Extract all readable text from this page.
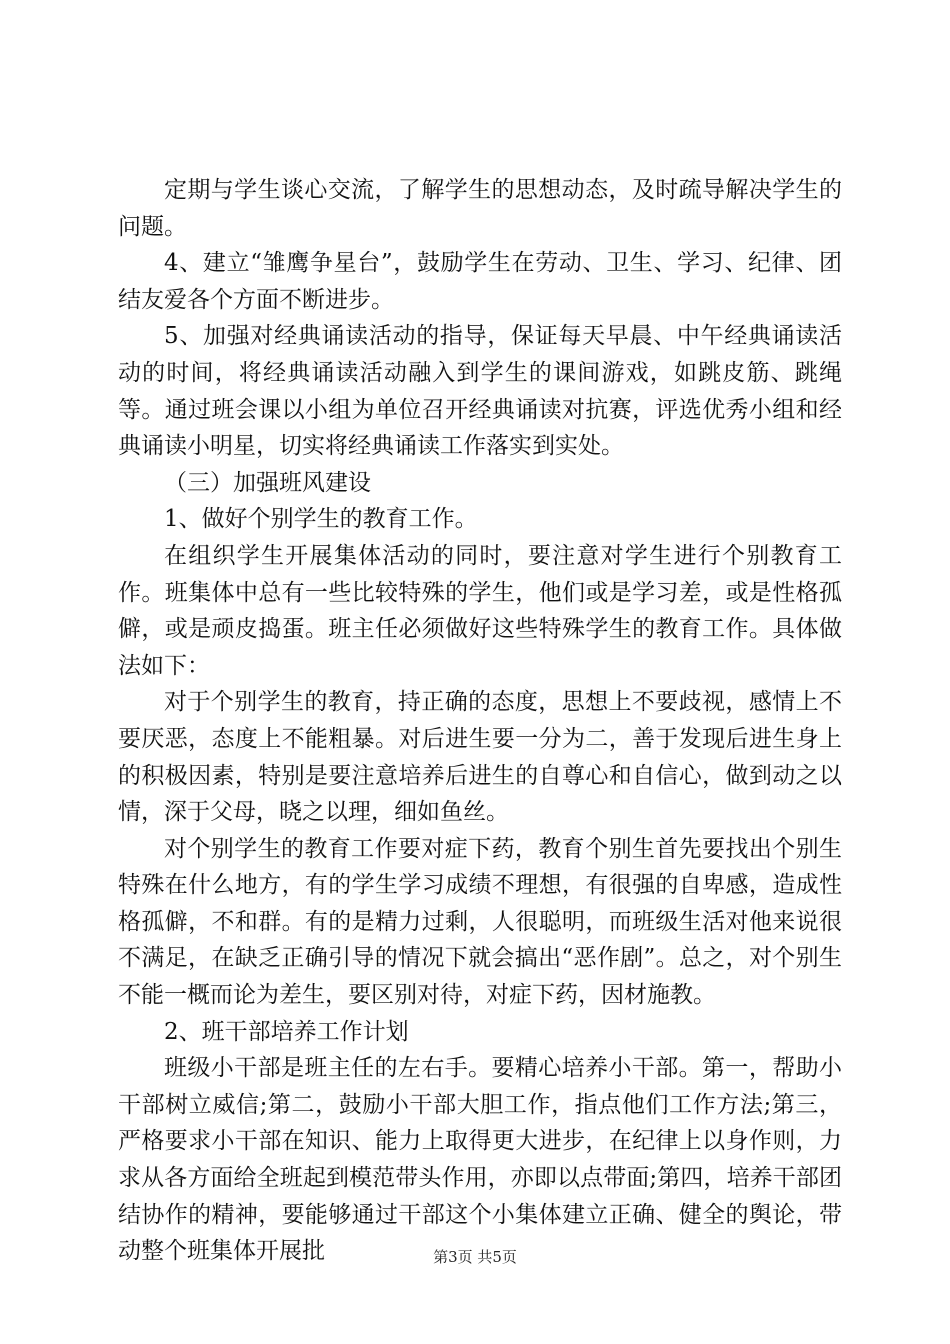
定期与学生谈心交流，了解学生的思想动态，及时疏导解决学生的问题。

4、建立“雏鹰争星台”，鼓励学生在劳动、卫生、学习、纪律、团结友爱各个方面不断进步。

5、加强对经典诵读活动的指导，保证每天早晨、中午经典诵读活动的时间，将经典诵读活动融入到学生的课间游戏，如跳皮筋、跳绳等。通过班会课以小组为单位召开经典诵读对抗赛，评选优秀小组和经典诵读小明星，切实将经典诵读工作落实到实处。

（三）加强班风建设

1、做好个别学生的教育工作。

在组织学生开展集体活动的同时，要注意对学生进行个别教育工作。班集体中总有一些比较特殊的学生，他们或是学习差，或是性格孤僻，或是顽皮捣蛋。班主任必须做好这些特殊学生的教育工作。具体做法如下：

对于个别学生的教育，持正确的态度，思想上不要歧视，感情上不要厌恶，态度上不能粗暴。对后进生要一分为二，善于发现后进生身上的积极因素，特别是要注意培养后进生的自尊心和自信心，做到动之以情，深于父母，晓之以理，细如鱼丝。

对个别学生的教育工作要对症下药，教育个别生首先要找出个别生特殊在什么地方，有的学生学习成绩不理想，有很强的自卑感，造成性格孤僻，不和群。有的是精力过剩，人很聪明，而班级生活对他来说很不满足，在缺乏正确引导的情况下就会搞出“恶作剧”。总之，对个别生不能一概而论为差生，要区别对待，对症下药，因材施教。

2、班干部培养工作计划

班级小干部是班主任的左右手。要精心培养小干部。第一，帮助小干部树立威信;第二，鼓励小干部大胆工作，指点他们工作方法;第三，严格要求小干部在知识、能力上取得更大进步，在纪律上以身作则，力求从各方面给全班起到模范带头作用，亦即以点带面;第四，培养干部团结协作的精神，要能够通过干部这个小集体建立正确、健全的舆论，带动整个班集体开展批	第3页 共5页
